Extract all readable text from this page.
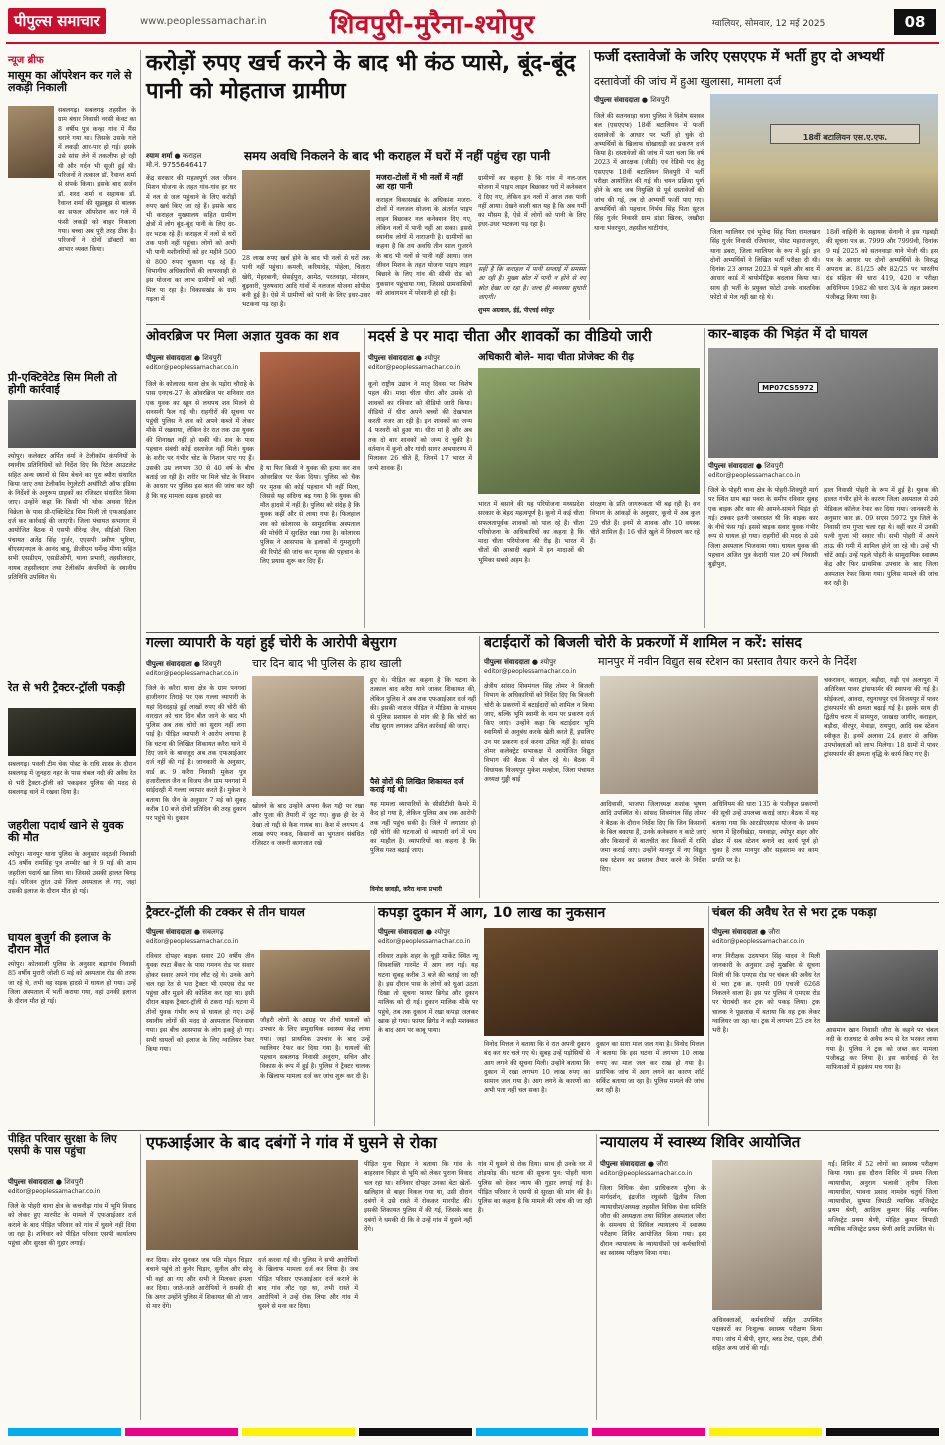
पीपुल्स समाचार	www.peoplessamachar.in शिवपुरी-मुरैना-श्योपुर	ग्वालियर, सोमवार, 12 मई 2025	08
न्यूज ब्रीफ
मासूम का ऑपरेशन कर गले से लकड़ी निकाली
सबलगढ़। सबलगढ़ तहसील के ग्राम बंधार निवासी नरसी केवट का 8 वर्षीय पुत्र कन्हा गांव में मैंस चराने गया था। जिसके उसके गले में लकड़ी आर-पार हो गई। इसके उसे सांस लेने में तकलीफ हो रही थी और गर्दन भी सूजी हुई थी। परिजनों ने तत्काल डॉ. रैवान्त शर्मा से संपर्क किया। इसके बाद सर्जन डॉ. शरद शर्मा व सहायक डॉ. रैवान्त शर्मा की सूझबूझ से बालक का सफल ऑपरेशन कर गले में फंसी लकड़ी को बाहर निकाला गया। बच्चा अब पूरी तरह ठीक है। परिजनों ने दोनों डॉक्टरों का आभार व्यक्त किया।
प्री-एक्टिवेटेड सिम मिली तो होगी कार्रवाई
श्योपुर। कलेक्टर अर्पित वर्मा ने टेलीकॉम कंपनियों के स्थानीय प्रतिनिधियों को निर्देश दिए कि रिटेल आउटलेट सहित अन्य स्थानों से सिम बेचने का पूरा ब्यौरा संधारित किया जाए तथा टेलीकॉम रेगुलेटरी अथॉरिटी ऑफ इंडिया के निर्देशों के अनुरूप ग्राहकों का रजिस्टर संधारित किया जाए। उन्होंने कहा कि किसी भी थोक अथवा रिटेल विक्रेता के पास प्री-एक्टिवेटेड सिम मिली तो एफआईआर दर्ज कर कार्रवाई की जाएगी। जिला पंचायत सभागार में आयोजित बैठक में एसपी वीरेन्द्र जैन, सीईओ जिला पंचायत अतेंद्र सिंह गुर्जर, एएसपी प्रवीण भूरिया, बीएसएनएल के आनंद बाबू, डीजीएम धर्मेन्द्र मीणा सहित सभी एसडीएम, एसडीओपी, थाना प्रभारी, तहसीलदार, नायब तहसीलदार तथा टेलीकॉम कंपनियों के स्थानीय प्रतिनिधि उपस्थित थे।
रेत से भरी ट्रैक्टर-ट्रॉली पकड़ी
सबलगढ़। पवली टीम चेक पोस्ट के राघि शास्त्र के दौरान सबलगढ़ में जुनहरा नहर के पास चंबल नदी की अवैध रेत से भरी ट्रैक्टर-ट्रॉली को पकड़कर पुलिस की मदद से सबलगढ़ थाने में रखवा दिया है।
जहरीला पदार्थ खाने से युवक की मौत
श्योपुर। मानपुर थाना पुलिस के अनुसार वद्ठवी निवासी 45 वर्षीय रामसिंह पुत्र शम्भीर खां ने 9 मई की शाम जहरीला पदार्थ खा लिया था। जिससे उसकी हालत बिगड़ गई। परिजन तुरंत उसे जिला अस्पताल ले गए, जहां उसकी इलाज के दौरान मौत हो गई।
घायल बुजुर्ग की इलाज के दौरान मौत
श्योपुर। कोतवाली पुलिस के अनुसार बड़ागांव निवासी 85 वर्षीय मुरारी जोशी 6 मई को अस्पताल रोड की तरफ जा रहे थे, तभी वह सड़क हादसे में घायल हो गया। उन्हें जिला अस्पताल में भर्ती कराया गया, वहां उनकी इलाज के दौरान मौत हो गई।
करोड़ों रुपए खर्च करने के बाद भी कंठ प्यासे, बूंद-बूंद पानी को मोहताज ग्रामीण
श्याम शर्मा ● कराहल
मो.नं. 9755646417
समय अवधि निकलने के बाद भी कराहल में घरों में नहीं पहुंच रहा पानी
केंद्र सरकार की महत्वपूर्ण जल जीवन मिशन योजना के तहत गांव-गांव हर घर में नल से जल पहुंचाने के लिए करोड़ों रुपए खर्च किए जा रहे हैं। इसके बाद भी कराहल मुख्यालय सहित ग्रामीण क्षेत्रों में लोग बूंद-बूंद पानी के लिए दर-दर भटक रहे हैं। कराहल में नलों से घरों तक पानी नहीं पहुंचा। लोगों को अभी भी पानी मशीनरियों को हर महीने 500 से 800 रुपए चुकाना पड़ रहे हैं। विभागीय अधिकारियों की लापरवाही से इस योजना का लाभ ग्रामीणों को नहीं मिल पा रहा है। विकासखंड के ग्राम गढ़ला में
28 लाख रुपए खर्च होने के बाद भी नलों से घरों तक पानी नहीं पहुंचा। कमली, करियादेह, पोहेला, चितारा खेरी, मेहरबानी, सेसईपुरा, आमेठ, परतवाड़ा, मोरावन, बुढ़वारी, पुरुषवारा आदि गांवों में नलजल योजना शोपीस बनी हुई है। ऐसे में ग्रामीणों को पानी के लिए इधर-उधर भटकना पड़ रहा है।
मजरा-टोलों में भी नलों में नहीं आ रहा पानी
कराहल विकासखंड के अधिकांश मजरा-टोलों में नलजल योजना के अंतर्गत पाइप लाइन बिछाकर नल कनेक्शन दिए गए, लेकिन नलों में पानी नहीं आ सका। इससे स्थानीय लोगों में नाराजगी है। ग्रामीणों का कहना है कि तय अवधि तीन साल गुजरने के बाद भी नलों से पानी नहीं आया। जल जीवन मिशन के तहत योजना पाइप लाइन बिछाने के लिए गांव की सीसी रोड को नुकसान पहुंचाया गया, जिससे ग्रामवासियों को आवागमन में परेशानी हो रही है।
ग्रामीणों का कहना है कि गांव में नल-जल योजना में पाइप लाइन बिछाकर घरों में कनेक्शन दे दिए गए, लेकिन इन नलों में आज तक पानी नहीं आया। देखने वाली बात यह है कि अब गर्मी का मौसम है, ऐसे में लोगों को पानी के लिए इधर-उधर भटकना पड़ रहा है।
सही है कि कराहल में पानी सप्लाई में समस्या आ रही है। मुख्य स्रोत में पानी न होने से नए स्रोत देखा जा रहा है। जल्द ही व्यवस्था सुधारी जाएगी।
शुभम अग्रवाल, ईई, पीएचई श्योपुर
फर्जी दस्तावेजों के जरिए एसएएफ में भर्ती हुए दो अभ्यर्थी
दस्तावेजों की जांच में हुआ खुलासा, मामला दर्ज
पीपुल्स संवाददाता ● शिवपुरी
जिले की सतनवाड़ा थाना पुलिस ने विशेष सशस्त्र बल (एसएएफ) 18वीं बटालियन में फर्जी दस्तावेजों के आधार पर भर्ती हो चुके दो अभ्यर्थियों के खिलाफ धोखाधड़ी का प्रकरण दर्ज किया है। दस्तावेजों की जांच में पता चला कि वर्ष 2023 में आरक्षक (जीडी) एवं रेडियो पद हेतु एसएएफ 18वीं बटालियन शिवपुरी में भर्ती परीक्षा आयोजित की गई थी। चयन प्रक्रिया पूर्ण होने के बाद जब नियुक्ति से पूर्व दस्तावेजों की जांच की गई, तब दो अभ्यर्थी फर्जी पाए गए। अभ्यर्थियों की पहचान निर्भय सिंह पिता सूरज सिंह गुर्जर निवासी ग्राम डांडा खिरक, जखौदा थाना भंवरपुरा, तहसील घाटीगांव,
18वीं बटालियन एस.ए.एफ.
जिला ग्वालियर एवं भूपेन्द्र सिंह पिता रामलखन सिंह गुर्जर निवासी रजियावर, पोस्ट महाराजपुरा, थाना डबरा, जिला ग्वालियर के रूप में हुई। इन दोनों अभ्यर्थियों ने लिखित भर्ती परीक्षा दी थी। दिनांक 23 अगस्त 2023 से पहले और बाद में आधार कार्ड में बायोमीट्रिक बदलाव किया था। साथ ही भर्ती के प्रयुक्त फोटो उनके वास्तविक फोटो से मेल नहीं खा रहे थे।
18वीं वाहिनी के सहायक सेनानी ने इस गड़बड़ी की सूचना पत्र क्र. 7999 और 7999वी, दिनांक 9 मई 2025 को सतनवाड़ा थाने भेजी थी। इस पत्र के आधार पर दोनों अभ्यर्थियों के विरुद्ध अपराध क्र. 81/25 और 82/25 पर भारतीय दंड संहिता की धारा 419, 420 व परीक्षा अधिनियम 1982 की धारा 3/4 के तहत प्रकरण पंजीबद्ध किया गया है।
ओवरब्रिज पर मिला अज्ञात युवक का शव
पीपुल्स संवाददाता ● शिवपुरी
editor@peoplessamachar.co.in
जिले के कोलारस थाना क्षेत्र के पड़ोरा चौराहे के पास एनएच-27 के ओवरब्रिज पर शनिवार रात एक युवक का खून से लथपथ शव मिलने से सनसनी फैल गई थी। राहगीरों की सूचना पर पहुंची पुलिस ने शव को अपने कब्जे में लेकर मौके में रखवाया, लेकिन देर रात तक उस युवक की शिनाख्त नहीं हो सकी थी। शव के पास पहचान संबंधी कोई दस्तावेज नहीं मिले। युवक के शरीर पर गंभीर चोट के निशान पाए गए हैं। उसकी उम्र लगभग 30 से 40 वर्ष के बीच बताई जा रही है। शरीर पर मिले चोट के निशान के आधार पर पुलिस इस बात की जांच कर रही है कि यह मामला सड़क हादसे का
है या फिर किसी ने युवक की हत्या कर शव ओवरब्रिज पर फेंक दिया। पुलिस को चैक पर मृतक की कोई पहचान भी नहीं मिला, जिससे यह संदिग्ध बढ़ गया है कि युवक की मौत हादसे में नहीं है। पुलिस को संदेह है कि युवक कहीं और से लाया गया है। फिलहाल शव को कोलारस के सामुदायिक अस्पताल की मोर्चरी में सुरक्षित रखा गया है। कोलारस पुलिस ने आसपास के इलाकों में गुमशुदगी की रिपोर्ट की जांच कर मृतक की पहचान के लिए प्रयास शुरू कर दिए हैं।
मदर्स डे पर मादा चीता और शावकों का वीडियो जारी
पीपुल्स संवाददाता ● श्योपुर
editor@peoplessamachar.co.in
कूनो राष्ट्रीय उद्यान ने मातृ दिवस पर विशेष पहल की। मादा चीता धीरा और उसके दो शावकों का रविवार को वीडियो जारी किया। वीडियो में धीरा अपने बच्चों की देखभाल करती नजर आ रही है। इन शावकों का जन्म 4 फरवरी को हुआ था। धीरा मां है और अब तक दो बार शावकों को जन्म दे चुकी है। वर्तमान में कूनो और गांधी सागर अभयारण्य में मिलाकर 26 चीते हैं, जिनमें 17 भारत में जन्मे शावक हैं।
अधिकारी बोले- मादा चीता प्रोजेक्ट की रीढ़
भारत में बसाने की यह परियोजना मध्यप्रदेश सरकार के बेहद महत्वपूर्ण है। कूनो में कई चीता सफलतापूर्वक शावकों को पाल रहे हैं। चीता परियोजना के अधिकारियों का कहना है कि मादा चीता परियोजना की रीढ़ है। भारत में चीतों की आबादी बढ़ाने में इन मादाओं की भूमिका सबसे अहम है।
संरक्षण के प्रति जागरूकता भी बढ़ रही है। वन विभाग के आंकड़ों के अनुसार, कूनो में अब कुल 29 चीते हैं। इनमें से शावक और 10 वयस्क चीते शामिल हैं। 16 चीते खुले में विचरण कर रहे हैं।
कार-बाइक की भिड़ंत में दो घायल
MP07CS5972
पीपुल्स संवाददाता ● शिवपुरी
editor@peoplessamachar.co.in
जिले के पोहरी थाना क्षेत्र के पोहरी-शिवपुरी मार्ग पर स्थित ग्राम बड़ा पवरा के समीप रविवार सुबह एक बाइक और कार की आमने-सामने भिड़ंत हो गई। टक्कर इतनी जबरदस्त थी कि बाइक कार के नीचे फंस गई। इससे बाइक सवार युवक गंभीर रूप से घायल हो गया। राहगीरों की मदद से उसे जिला अस्पताल भिजवाया गया। घायल युवक की पहचान अजित पुत्र केदारी पाल 20 वर्ष निवासी बुढ़ीपुरा,
हाल निवासी पोहरी के रूप में हुई है। युवक की हालत गंभीर होने के कारण जिला अस्पताल से उसे मेडिकल कॉलेज रेफर कर दिया गया। जानकारी के अनुसार कार क्र. 09 सएस 5972 पुत्र जिले के निवासी राम गुप्ता चला रहा थे। वहीं कार में उनकी पत्नी गुप्ता भी सवार थी। सभी पोहरी में अपने ताऊ की गमी में शामिल होने जा रहे थी। उन्हें भी चोटें आई। उन्हें पहले पोहरी के सामुदायिक स्वास्थ्य केंद्र और फिर प्राथमिक उपचार के बाद जिला अस्पताल रेफर किया गया। पुलिस मामले की जांच कर रही है।
गल्ला व्यापारी के यहां हुई चोरी के आरोपी बेसुराग
पीपुल्स संवाददाता ● शिवपुरी
editor@peoplessamachar.co.in
जिले के करैरा थाना क्षेत्र के ग्राम पनगवां हाजीनगर तिराहे पर एक गल्ला व्यापारी के यहां दिनदहाड़े हुई लाखों रुपए की चोरी की वारदात को चार दिन बीत जाने के बाद भी पुलिस अब तक चोरों का सुराग नहीं लगा पाई है। पीड़ित व्यापारी ने आरोप लगाया है कि घटना की लिखित शिकायत करैरा थाने में दिए जाने के बावजूद अब तक एफआईआर दर्ज नहीं की गई है। जानकारी के अनुसार, वार्ड क्र. 9 करैरा निवासी मुकेश पुत्र हजारीलाल जैन व विजय जैन ग्राम पनगवां में सांईदरही में गल्ला व्यापार करते हैं। मुकेश ने बताया कि जैन के अनुसार 7 मई को सुबह करीब 10 बजे दोनों प्रतिदिन की तरह दुकान पर पहुंचे थे। दुकान
चार दिन बाद भी पुलिस के हाथ खाली
खोलने के बाद उन्होंने अपना कैश गद्दी पर रखा और पूजा की तैयारी में जुट गए। कुछ ही देर में देखा तो गद्दी से कैश गायब था। कैश में लगभग 4 लाख रुपए नकद, किसानों का भुगतान संबंधित रजिस्टर व जरूरी कागजात रखे
हुए थे। पीड़ित का कहना है कि घटना के तत्काल बाद करैरा थाने जाकर शिकायत की, लेकिन पुलिस ने अब तक एफआईआर दर्ज नहीं की। इसकी नाराज पीड़ित ने मीडिया के माध्यम से पुलिस प्रशासन से मांग की है कि चोरों का शीघ्र सुराग लगाकर उचित कार्रवाई की जाए।
पैसे वोरों की लिखित शिकायत दर्ज कराई गई थी।
यह मामला व्यापारियों के सीसीटीवी कैमरे में कैद हो गया है, लेकिन पुलिस अब तक आरोपी तक नहीं पहुंच सकी है। जिले में लगातार हो रही चोरी की घटनाओं से व्यापारी वर्ग में भय का माहौल है। व्यापारियों का कहना है कि पुलिस गश्त बढ़ाई जाए।
विनोद छावड़ी, करैरा थाना प्रभारी
बटाईदारों को बिजली चोरी के प्रकरणों में शामिल न करें: सांसद
पीपुल्स संवाददाता ● श्योपुर
editor@peoplessamachar.co.in
मानपुर में नवीन विद्युत सब स्टेशन का प्रस्ताव तैयार करने के निर्देश
क्षेत्रीय सांसद शिवमंगल सिंह तोमर ने बिजली विभाग के अधिकारियों को निर्देश दिए कि बिजली चोरी के प्रकरणों में बटाईदारों को शामिल न किया जाए, बल्कि भूमि स्वामी के नाम पर प्रकरण दर्ज किए जाएं। उन्होंने कहा कि बटाईदार भूमि स्वामियों से अनुबंध करके खेती करते हैं, इसलिए उन पर प्रकरण दर्ज करना उचित नहीं है। सांसद तोमर कलेक्ट्रेट सभाकक्ष में आयोजित विद्युत विभाग की बैठक में बोल रहे थे। बैठक में विधायक विजयपुर मुकेश मल्होत्रा, जिला पंचायत अध्यक्ष गुड्डी बाई
आदिवासी, भाजपा जिलाध्यक्ष शशांक भूषण आदि उपस्थित थे। सांसद शिवमंगल सिंह तोमर ने बैठक के दौरान निर्देश दिए कि जिन किसानों के बिल बकाया हैं, उनके कनेक्शन न काटे जाएं और किसानों से बातचीत कर किस्तों में राशि जमा कराई जाए। उन्होंने मानपुर में नए विद्युत सब स्टेशन का प्रस्ताव तैयार करने के निर्देश दिए।
अधिनियम की धारा 135 के पंजीकृत प्रकरणों की सूची उन्हें उपलब्ध कराई जाए। बैठक में यह बताया गया कि आरडीएसएस योजना के प्रथम चरण में हिरनीखेड़ा, पनवाड़ा, श्योपुर शहर और ढोढर में सब स्टेशन बनाने का कार्य पूर्ण हो चुका है तथा मानपुर और सहसराम का काम प्रगति पर है।
चकरावन, कराहल, बड़ौदा, गढ़ी एवं अलापुरा में अतिरिक्त पावर ट्रांसफार्मर की स्थापना की गई है। सोईकलां, आवदा, रघुनाथपुर एवं विजयपुर में पावर ट्रांसफार्मर की क्षमता बढ़ाई गई है। इसके साथ ही द्वितीय चरण में सामपुरा, जाखदा जागीर, कराहल, बड़ौदा, वीरपुर, मेवाड़ा, रायपुरा, आदि सब स्टेशन स्वीकृत हैं। इनमें अलावा 24 हजार से अधिक उपभोक्ताओं को लाभ मिलेगा। 18 ग्रामों में पावर ट्रांसफार्मर की क्षमता वृद्धि के कार्य किए गए हैं।
ट्रैक्टर-ट्रॉली की टक्कर से तीन घायल
पीपुल्स संवाददाता ● सबलगढ़
editor@peoplessamachar.co.in
रविवार दोपहर बाइक सवार 20 वर्षीय तीन युवक रपटा बैंकर के पास गमनन रोड पर सवार होकर सवार अपने गांव लौट रहे थे। उनके आगे चल रहा रेत से भरा ट्रैक्टर भी एमएस रोड पर पहुंचा और मुड़ने की कोशिश कर रहा था। इसी दौरान बाइक ट्रैक्टर-ट्रॉली से टकरा गई। घटना में तीनों युवक गंभीर रूप से घायल हो गए। उन्हें स्थानीय लोगों की मदद से अस्पताल भिजवाया गया। इस बीच आसपास के लोग इकट्ठे हो गए। सभी घायलों को इलाज के लिए ग्वालियर रेफर किया गया।
जौहरी लोगों के आग्रह पर तीनों घायलों को उपचार के लिए समुदायिक स्वास्थ्य केंद्र लाया गया। जहां प्राथमिक उपचार के बाद उन्हें ग्वालियर रेफर कर दिया गया है। घायलों की पहचान सबलगढ़ निवासी अनुराग, सचिन और विकास के रूप में हुई है। पुलिस ने ट्रैक्टर चालक के खिलाफ मामला दर्ज कर जांच शुरू कर दी है।
कपड़ा दुकान में आग, 10 लाख का नुकसान
पीपुल्स संवाददाता ● श्योपुर
editor@peoplessamachar.co.in
रविवार तड़के शहर के चूड़ी मार्केट स्थित न्यू शिवशक्ति गारमेंट में आग लग गई। यह घटना सुबह करीब 3 बजे की बताई जा रही है। इस दौरान पास के लोगों को धुआं उठता दिखा तो सूचना फायर ब्रिगेड और दुकान मालिक को दी गई। दुकान मालिक मौके पर पहुंचे, तब तक दुकान में रखा कपड़ा जलकर खाक हो गया। फायर ब्रिगेड ने कड़ी मशक्कत के बाद आग पर काबू पाया।
विनोद मित्तल ने बताया कि वे रात अपनी दुकान बंद कर घर चले गए थे। सुबह उन्हें पड़ोसियों से आग लगने की सूचना मिली। उन्होंने बताया कि दुकान में रखा लगभग 10 लाख रुपए का सामान जल गया है। आग लगने के कारणों का अभी पता नहीं चल सका है।
दुकान का सारा माल जल गया है। विनोद मित्तल ने बताया कि इस घटना में लगभग 10 लाख रुपए का माल जल कर राख हो गया है। प्रारंभिक जांच में आग लगने का कारण शॉर्ट सर्किट बताया जा रहा है। पुलिस मामले की जांच कर रही है।
चंबल की अवैध रेत से भरा ट्रक पकड़ा
पीपुल्स संवाददाता ● जौरा
editor@peoplessamachar.co.in
नगर निरीक्षक उदयभान सिंह यादव ने मिली जानकारी के अनुसार उन्हें मुखबिर से सूचना मिली थी कि एमएस रोड पर चंबल की अवैध रेत से भरा ट्रक क्र. एमपी 09 एचजी 6268 निकलने वाला है। इस पर पुलिस ने एमएस रोड पर घेराबंदी कर ट्रक को पकड़ लिया। ट्रक चालक ने पूछताछ में बताया कि वह ट्रक लेकर ग्वालियर जा रहा था। ट्रक में लगभग 25 टन रेत भरी है।	आसमान खान निवासी जौरा के कहने पर चंबल नदी के राजघाट से अवैध रूप से रेत भरकर लाया गया है। पुलिस ने ट्रक को जब्त कर मामला पंजीबद्ध कर लिया है। इस कार्रवाई से रेत माफियाओं में हड़कंप मच गया है।
पीड़ित परिवार सुरक्षा के लिए एसपी के पास पहुंचा
पीपुल्स संवाददाता ● शिवपुरी
editor@peoplessamachar.co.in
जिले के पोहरी थाना क्षेत्र के कचनौढ़ा गांव में भूमि विवाद को लेकर हुए मारपीट के मामले में एफआईआर दर्ज कराने के बाद पीड़ित परिवार को गांव में घुसने नहीं दिया जा रहा है। शनिवार को पीड़ित परिवार एसपी कार्यालय पहुंचा और सुरक्षा की गुहार लगाई।
एफआईआर के बाद दबंगों ने गांव में घुसने से रोका
पीड़ित मुना चिड़ार ने बताया कि गांव के बाहरवान चिड़ार से भूमि को लेकर पुराना विवाद चल रहा था। शनिवार दोपहर उनका बेटा खेतों-खलिहान से बाहर निकल गया था, उसी दौरान दबंगों ने उसे रास्ते में रोककर मारपीट की। इसकी शिकायत पुलिस में की गई, जिसके बाद दबंगों ने धमकी दी कि वे उन्हें गांव में घुसने नहीं देंगे।
कर दिया। शोर सुनकर जब पति मोहन चिड़ार बचाने पहुंचे तो कुनेर चिड़ार, सुनील और सोनू भी वहां आ गए और सभी ने मिलकर हमला कर दिया। जाते-जाते आरोपियों ने धमकी दी कि अगर उन्होंने पुलिस में शिकायत की तो जान से मार देंगे।
दर्ज करवा गई थी। पुलिस ने सभी आरोपियों के खिलाफ मामला दर्ज कर लिया है। जब पीड़ित परिवार एफआईआर दर्ज कराने के बाद गांव लौट रहा था, तभी रास्ते में आरोपियों ने उन्हें रोक लिया और गांव में घुसने से मना कर दिया।
गांव में घुसने से रोक दिया। साथ ही उनके घर में तोड़फोड़ की। घटना की सूचना पुन: पोहरी थाना पुलिस को देकर न्याय की गुहार लगाई गई है। पीड़ित परिवार ने एसपी से सुरक्षा की मांग की है। पुलिस का कहना है कि मामले की जांच की जा रही है।
न्यायालय में स्वास्थ्य शिविर आयोजित
पीपुल्स संवाददाता ● जौरा
editor@peoplessamachar.co.in
जिला विधिक सेवा प्राधिकरण मुरैना के मार्गदर्शन, इंद्रजीत रघुवंशी द्वितीय जिला न्यायाधीश/अध्यक्ष तहसील विधिक सेवा समिति जौरा की अध्यक्षता तथा सिविल अस्पताल जौरा के समन्वय से सिविल न्यायालय में स्वास्थ्य परीक्षण शिविर आयोजित किया गया। इस दौरान न्यायालय के न्यायाधीशों एवं कर्मचारियों का स्वास्थ्य परीक्षण किया गया।
अधिवक्ताओं, कर्मचारियों सहित उपस्थित पक्षकारों का निःशुल्क स्वास्थ्य परीक्षण किया गया। जांच में बीपी, शुगर, ब्लड टेस्ट, एड्स, टीबी सहित अन्य जांचें की गईं।
गईं। शिविर में 52 लोगों का स्वास्थ्य परीक्षण किया गया। इस दौरान शिविर में प्रथम जिला न्यायाधीश, अनुराग भलावी तृतीय जिला न्यायाधीश, भावना प्रसाद नामदेव चतुर्थ जिला न्यायाधीश, सुषमा त्रिपाठी न्यायिक मजिस्ट्रेट प्रथम श्रेणी, आदित्य कुमार सिंह न्यायिक मजिस्ट्रेट प्रथम श्रेणी, मोहित कुमार त्रिपाठी न्यायिक मजिस्ट्रेट प्रथम श्रेणी आदि उपस्थित थे।
